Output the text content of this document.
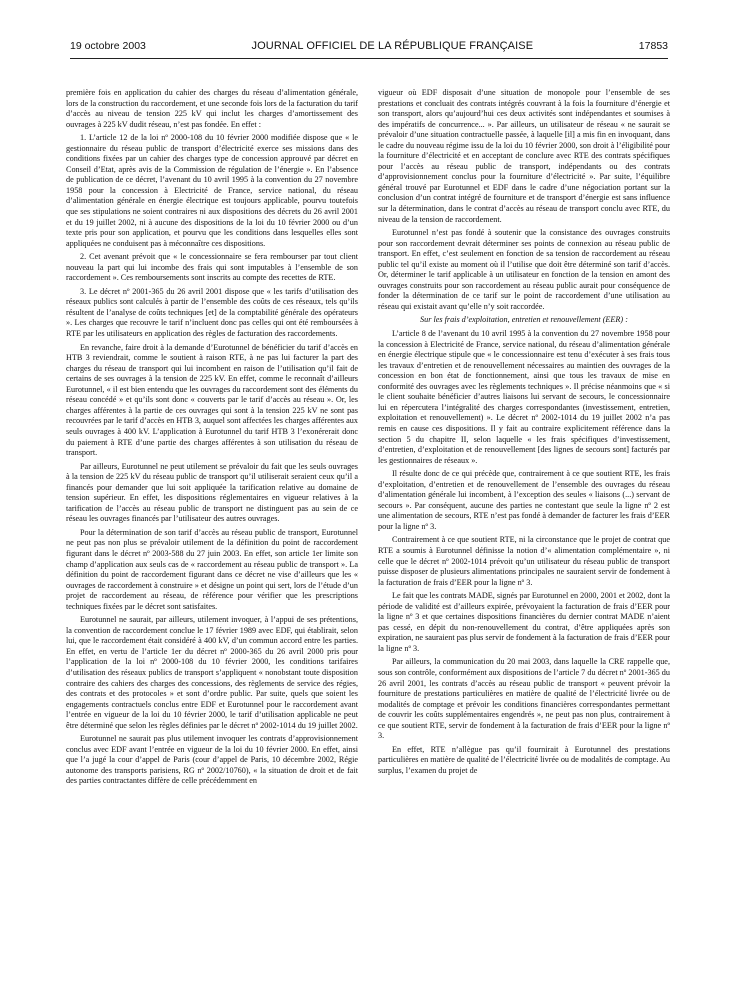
19 octobre 2003	JOURNAL OFFICIEL DE LA RÉPUBLIQUE FRANÇAISE	17853

première fois en application du cahier des charges du réseau d’alimentation générale, lors de la construction du raccordement, et une seconde fois lors de la facturation du tarif d’accès au niveau de tension 225 kV qui inclut les charges d’amortissement des ouvrages à 225 kV dudit réseau, n’est pas fondée. En effet :

1. L’article 12 de la loi nº 2000-108 du 10 février 2000 modifiée dispose que « le gestionnaire du réseau public de transport d’électricité exerce ses missions dans des conditions fixées par un cahier des charges type de concession approuvé par décret en Conseil d’Etat, après avis de la Commission de régulation de l’énergie ». En l’absence de publication de ce décret, l’avenant du 10 avril 1995 à la convention du 27 novembre 1958 pour la concession à Electricité de France, service national, du réseau d’alimentation générale en énergie électrique est toujours applicable, pourvu toutefois que ses stipulations ne soient contraires ni aux dispositions des décrets du 26 avril 2001 et du 19 juillet 2002, ni à aucune des dispositions de la loi du 10 février 2000 ou d’un texte pris pour son application, et pourvu que les conditions dans lesquelles elles sont appliquées ne conduisent pas à méconnaître ces dispositions.

2. Cet avenant prévoit que « le concessionnaire se fera rembourser par tout client nouveau la part qui lui incombe des frais qui sont imputables à l’ensemble de son raccordement ». Ces remboursements sont inscrits au compte des recettes de RTE.

3. Le décret nº 2001-365 du 26 avril 2001 dispose que « les tarifs d’utilisation des réseaux publics sont calculés à partir de l’ensemble des coûts de ces réseaux, tels qu’ils résultent de l’analyse de coûts techniques [et] de la comptabilité générale des opérateurs ». Les charges que recouvre le tarif n’incluent donc pas celles qui ont été remboursées à RTE par les utilisateurs en application des règles de facturation des raccordements.

En revanche, faire droit à la demande d’Eurotunnel de bénéficier du tarif d’accès en HTB 3 reviendrait, comme le soutient à raison RTE, à ne pas lui facturer la part des charges du réseau de transport qui lui incombent en raison de l’utilisation qu’il fait de certains de ses ouvrages à la tension de 225 kV. En effet, comme le reconnaît d’ailleurs Eurotunnel, « il est bien entendu que les ouvrages du raccordement sont des éléments du réseau concédé » et qu’ils sont donc « couverts par le tarif d’accès au réseau ». Or, les charges afférentes à la partie de ces ouvrages qui sont à la tension 225 kV ne sont pas recouvrées par le tarif d’accès en HTB 3, auquel sont affectées les charges afférentes aux seuls ouvrages à 400 kV. L’application à Eurotunnel du tarif HTB 3 l’exonérerait donc du paiement à RTE d’une partie des charges afférentes à son utilisation du réseau de transport.

Par ailleurs, Eurotunnel ne peut utilement se prévaloir du fait que les seuls ouvrages à la tension de 225 kV du réseau public de transport qu’il utiliserait seraient ceux qu’il a financés pour demander que lui soit appliquée la tarification relative au domaine de tension supérieur. En effet, les dispositions réglementaires en vigueur relatives à la tarification de l’accès au réseau public de transport ne distinguent pas au sein de ce réseau les ouvrages financés par l’utilisateur des autres ouvrages.

Pour la détermination de son tarif d’accès au réseau public de transport, Eurotunnel ne peut pas non plus se prévaloir utilement de la définition du point de raccordement figurant dans le décret nº 2003-588 du 27 juin 2003. En effet, son article 1er limite son champ d’application aux seuls cas de « raccordement au réseau public de transport ». La définition du point de raccordement figurant dans ce décret ne vise d’ailleurs que les « ouvrages de raccordement à construire » et désigne un point qui sert, lors de l’étude d’un projet de raccordement au réseau, de référence pour vérifier que les prescriptions techniques fixées par le décret sont satisfaites.

Eurotunnel ne saurait, par ailleurs, utilement invoquer, à l’appui de ses prétentions, la convention de raccordement conclue le 17 février 1989 avec EDF, qui établirait, selon lui, que le raccordement était considéré à 400 kV, d’un commun accord entre les parties. En effet, en vertu de l’article 1er du décret nº 2000-365 du 26 avril 2000 pris pour l’application de la loi nº 2000-108 du 10 février 2000, les conditions tarifaires d’utilisation des réseaux publics de transport s’appliquent « nonobstant toute disposition contraire des cahiers des charges des concessions, des règlements de service des régies, des contrats et des protocoles » et sont d’ordre public. Par suite, quels que soient les engagements contractuels conclus entre EDF et Eurotunnel pour le raccordement avant l’entrée en vigueur de la loi du 10 février 2000, le tarif d’utilisation applicable ne peut être déterminé que selon les règles définies par le décret nº 2002-1014 du 19 juillet 2002.

Eurotunnel ne saurait pas plus utilement invoquer les contrats d’approvisionnement conclus avec EDF avant l’entrée en vigueur de la loi du 10 février 2000. En effet, ainsi que l’a jugé la cour d’appel de Paris (cour d’appel de Paris, 10 décembre 2002, Régie autonome des transports parisiens, RG nº 2002/10760), « la situation de droit et de fait des parties contractantes diffère de celle précédemment en

vigueur où EDF disposait d’une situation de monopole pour l’ensemble de ses prestations et concluait des contrats intégrés couvrant à la fois la fourniture d’énergie et son transport, alors qu’aujourd’hui ces deux activités sont indépendantes et soumises à des impératifs de concurrence... ». Par ailleurs, un utilisateur de réseau « ne saurait se prévaloir d’une situation contractuelle passée, à laquelle [il] a mis fin en invoquant, dans le cadre du nouveau régime issu de la loi du 10 février 2000, son droit à l’éligibilité pour la fourniture d’électricité et en acceptant de conclure avec RTE des contrats spécifiques pour l’accès au réseau public de transport, indépendants ou des contrats d’approvisionnement conclus pour la fourniture d’électricité ». Par suite, l’équilibre général trouvé par Eurotunnel et EDF dans le cadre d’une négociation portant sur la conclusion d’un contrat intégré de fourniture et de transport d’énergie est sans influence sur la détermination, dans le contrat d’accès au réseau de transport conclu avec RTE, du niveau de la tension de raccordement.

Eurotunnel n’est pas fondé à soutenir que la consistance des ouvrages construits pour son raccordement devrait déterminer ses points de connexion au réseau public de transport. En effet, c’est seulement en fonction de sa tension de raccordement au réseau public tel qu’il existe au moment où il l’utilise que doit être déterminé son tarif d’accès. Or, déterminer le tarif applicable à un utilisateur en fonction de la tension en amont des ouvrages construits pour son raccordement au réseau public aurait pour conséquence de fonder la détermination de ce tarif sur le point de raccordement d’une utilisation au réseau qui existait avant qu’elle n’y soit raccordée.

Sur les frais d’exploitation, entretien et renouvellement (EER) :

L’article 8 de l’avenant du 10 avril 1995 à la convention du 27 novembre 1958 pour la concession à Electricité de France, service national, du réseau d’alimentation générale en énergie électrique stipule que « le concessionnaire est tenu d’exécuter à ses frais tous les travaux d’entretien et de renouvellement nécessaires au maintien des ouvrages de la concession en bon état de fonctionnement, ainsi que tous les travaux de mise en conformité des ouvrages avec les règlements techniques ». Il précise néanmoins que « si le client souhaite bénéficier d’autres liaisons lui servant de secours, le concessionnaire lui en répercutera l’intégralité des charges correspondantes (investissement, entretien, exploitation et renouvellement) ». Le décret nº 2002-1014 du 19 juillet 2002 n’a pas remis en cause ces dispositions. Il y fait au contraire explicitement référence dans la section 5 du chapitre II, selon laquelle « les frais spécifiques d’investissement, d’entretien, d’exploitation et de renouvellement [des lignes de secours sont] facturés par les gestionnaires de réseaux ».

Il résulte donc de ce qui précède que, contrairement à ce que soutient RTE, les frais d’exploitation, d’entretien et de renouvellement de l’ensemble des ouvrages du réseau d’alimentation générale lui incombent, à l’exception des seules « liaisons (...) servant de secours ». Par conséquent, aucune des parties ne contestant que seule la ligne nº 2 est une alimentation de secours, RTE n’est pas fondé à demander de facturer les frais d’EER pour la ligne nº 3.

Contrairement à ce que soutient RTE, ni la circonstance que le projet de contrat que RTE a soumis à Eurotunnel définisse la notion d’« alimentation complémentaire », ni celle que le décret nº 2002-1014 prévoit qu’un utilisateur du réseau public de transport puisse disposer de plusieurs alimentations principales ne sauraient servir de fondement à la facturation de frais d’EER pour la ligne nº 3.

Le fait que les contrats MADE, signés par Eurotunnel en 2000, 2001 et 2002, dont la période de validité est d’ailleurs expirée, prévoyaient la facturation de frais d’EER pour la ligne nº 3 et que certaines dispositions financières du dernier contrat MADE n’aient pas cessé, en dépit du non-renouvellement du contrat, d’être appliquées après son expiration, ne sauraient pas plus servir de fondement à la facturation de frais d’EER pour la ligne nº 3.

Par ailleurs, la communication du 20 mai 2003, dans laquelle la CRE rappelle que, sous son contrôle, conformément aux dispositions de l’article 7 du décret nº 2001-365 du 26 avril 2001, les contrats d’accès au réseau public de transport « peuvent prévoir la fourniture de prestations particulières en matière de qualité de l’électricité livrée ou de modalités de comptage et prévoir les conditions financières correspondantes permettant de couvrir les coûts supplémentaires engendrés », ne peut pas non plus, contrairement à ce que soutient RTE, servir de fondement à la facturation de frais d’EER pour la ligne nº 3.

En effet, RTE n’allègue pas qu’il fournirait à Eurotunnel des prestations particulières en matière de qualité de l’électricité livrée ou de modalités de comptage. Au surplus, l’examen du projet de
